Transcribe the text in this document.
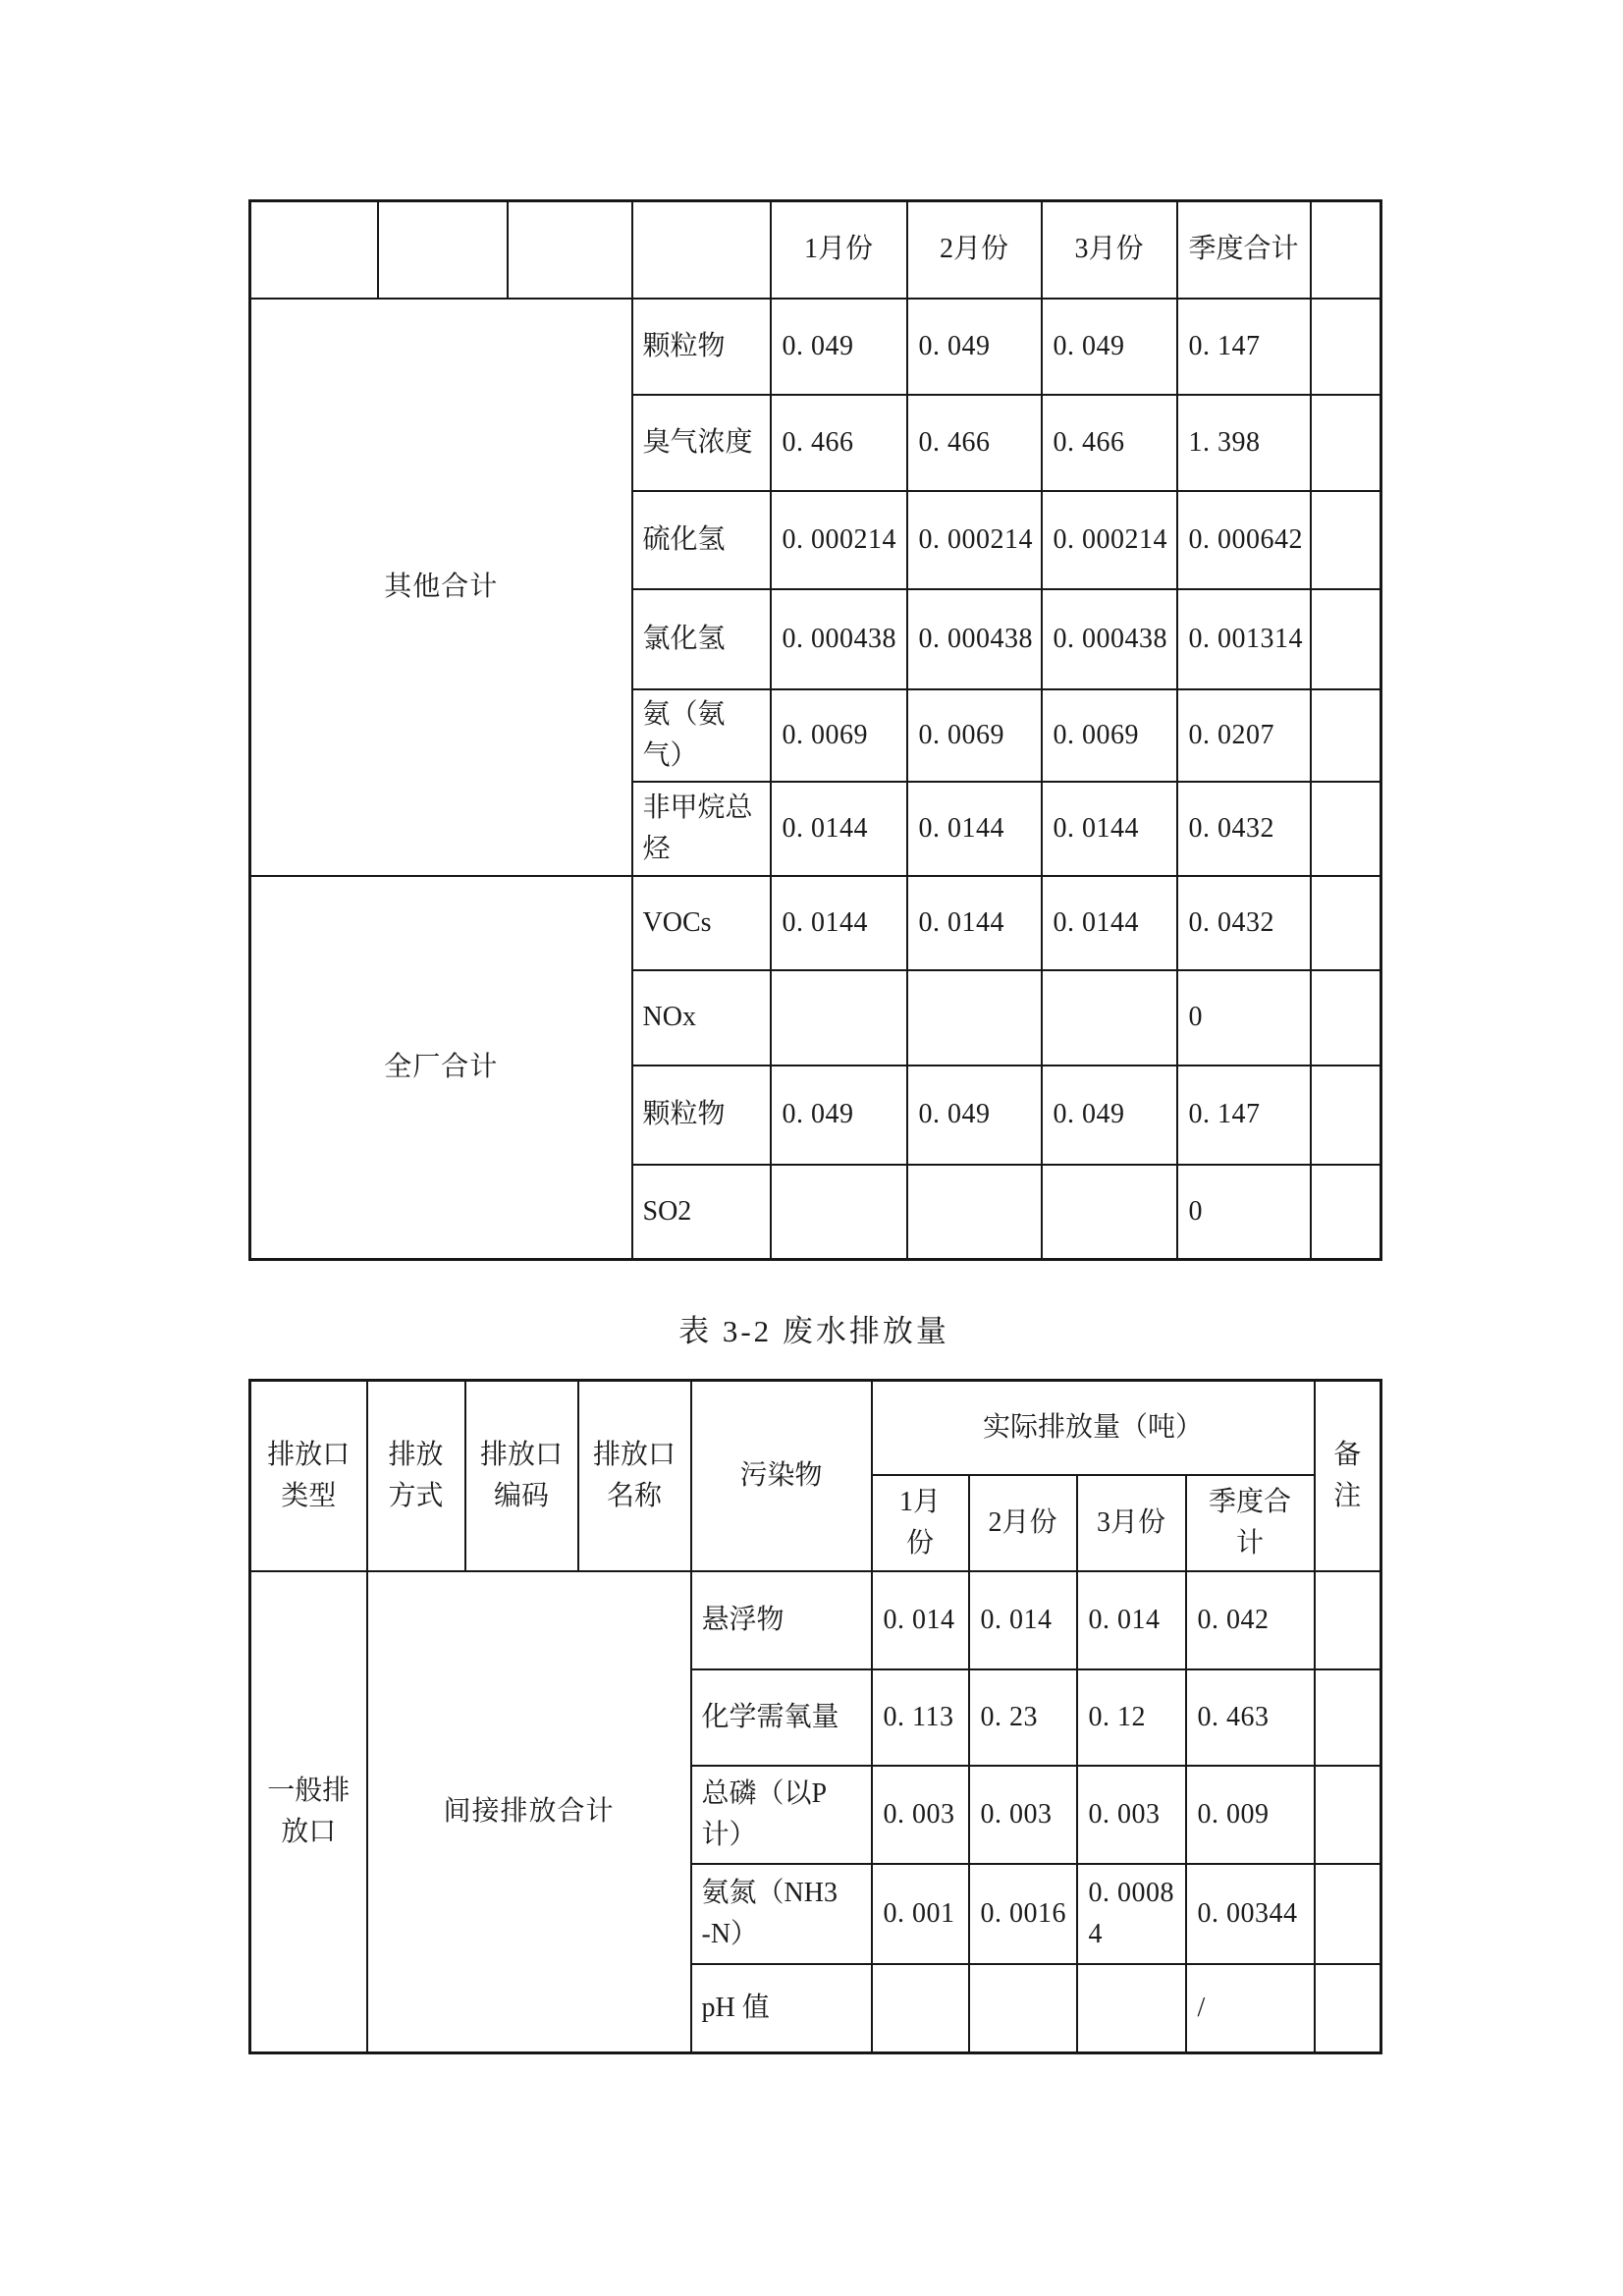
				1月份	2月份	3月份	季度合计	
其他合计			颗粒物	0. 049	0. 049	0. 049	0. 147	
			臭气浓度	0. 466	0. 466	0. 466	1. 398	
			硫化氢	0. 000214	0. 000214	0. 000214	0. 000642	
			氯化氢	0. 000438	0. 000438	0. 000438	0. 001314	
			氨（氨气）	0. 0069	0. 0069	0. 0069	0. 0207	
			非甲烷总烃	0. 0144	0. 0144	0. 0144	0. 0432	
全厂合计			VOCs	0. 0144	0. 0144	0. 0144	0. 0432	
			NOx				0	
			颗粒物	0. 049	0. 049	0. 049	0. 147	
			SO2				0	
表 3-2 废水排放量
排放口类型	排放方式	排放口编码	排放口名称	污染物	实际排放量（吨）				备注
					1月份	2月份	3月份	季度合计	
一般排放口	间接排放合计			悬浮物	0. 014	0. 014	0. 014	0. 042	
				化学需氧量	0. 113	0. 23	0. 12	0. 463	
				总磷（以P计）	0. 003	0. 003	0. 003	0. 009	
				氨氮（NH3-N）	0. 001	0. 0016	0. 00084	0. 00344	
				pH 值				/	
